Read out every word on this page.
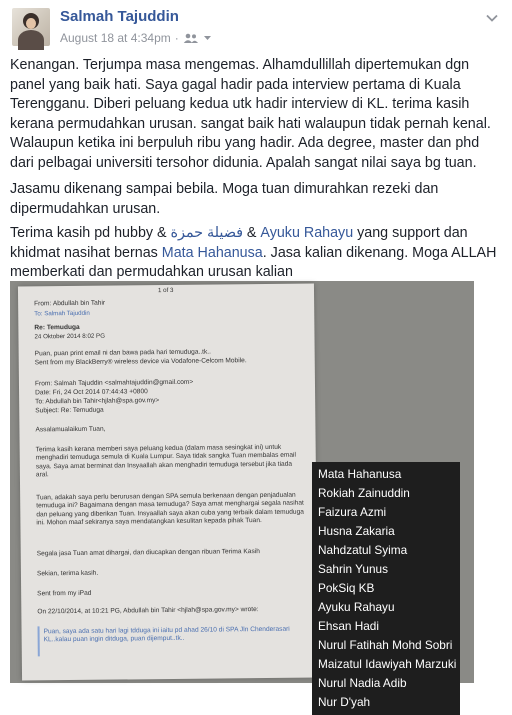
Salmah Tajuddin
August 18 at 4:34pm ·
Kenangan. Terjumpa masa mengemas. Alhamdullillah dipertemukan dgn panel yang baik hati. Saya gagal hadir pada interview pertama di Kuala Terengganu. Diberi peluang kedua utk hadir interview di KL. terima kasih kerana permudahkan urusan. sangat baik hati walaupun tidak pernah kenal. Walaupun ketika ini berpuluh ribu yang hadir. Ada degree, master dan phd dari pelbagai universiti tersohor didunia. Apalah sangat nilai saya bg tuan.
Jasamu dikenang sampai bebila. Moga tuan dimurahkan rezeki dan dipermudahkan urusan.
Terima kasih pd hubby & فضيلة حمزة & Ayuku Rahayu yang support dan khidmat nasihat bernas Mata Hahanusa. Jasa kalian dikenang. Moga ALLAH memberkati dan permudahkan urusan kalian
1 of 3
From: Abdullah bin Tahir
To: Salmah Tajuddin
Re: Temuduga
24 Oktober 2014 8:02 PG
Puan, puan print email ni dan bawa pada hari temuduga..tk..
Sent from my BlackBerry® wireless device via Vodafone-Celcom Mobile.
From: Salmah Tajuddin <salmahtajuddin@gmail.com>
Date: Fri, 24 Oct 2014 07:44:43 +0800
To: Abdullah bin Tahir<hjlah@spa.gov.my>
Subject: Re: Temuduga
Assalamualaikum Tuan,
Terima kasih kerana memberi saya peluang kedua (dalam masa sesingkat ini) untuk menghadiri temuduga semula di Kuala Lumpur. Saya tidak sangka Tuan membalas email saya. Saya amat berminat dan Insyaallah akan menghadiri temuduga tersebut jika tiada aral.
Tuan, adakah saya perlu berurusan dengan SPA semula berkenaan dengan penjadualan temuduga ini? Bagaimana dengan masa temuduga? Saya amat menghargai segala nasihat dan peluang yang diberikan Tuan. Insyaallah saya akan cuba yang terbaik dalam temuduga ini. Mohon maaf sekiranya saya mendatangkan kesulitan kepada pihak Tuan.
Segala jasa Tuan amat dihargai, dan diucapkan dengan ribuan Terima Kasih
Sekian, terima kasih.
Sent from my iPad
On 22/10/2014, at 10:21 PG, Abdullah bin Tahir <hjlah@spa.gov.my> wrote:
Puan, saya ada satu hari lagi tdduga ini iaitu pd ahad 26/10 di SPA Jln Chenderasari KL..kalau puan ingin ditduga, puan dijemput..tk..
Mata Hahanusa
Rokiah Zainuddin
Faizura Azmi
Husna Zakaria
Nahdzatul Syima
Sahrin Yunus
PokSiq KB
Ayuku Rahayu
Ehsan Hadi
Nurul Fatihah Mohd Sobri
Maizatul Idawiyah Marzuki
Nurul Nadia Adib
Nur D'yah
